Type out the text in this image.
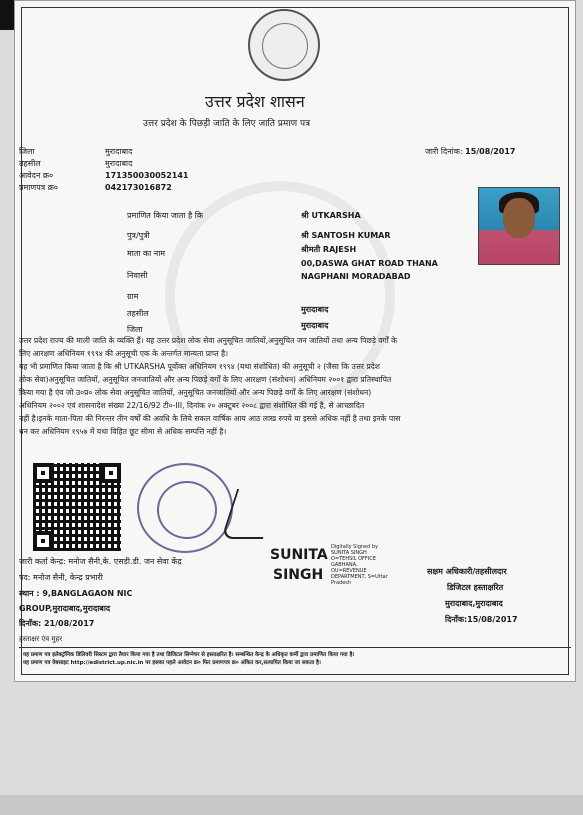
उत्तर प्रदेश शासन
उत्तर प्रदेश के पिछड़ी जाति के लिए जाति प्रमाण पत्र
जारी दिनांक: 15/08/2017
जिला	मुरादाबाद
तहसील	मुरादाबाद
आवेदन क्र०	171350030052141
प्रमाणपत्र क्र०	042173016872
प्रमाणित किया जाता है कि	श्री UTKARSHA
पुत्र/पुत्री	श्री SANTOSH KUMAR
माता का नाम	श्रीमती RAJESH
निवासी
00,DASWA GHAT ROAD THANA
NAGPHANI MORADABAD
ग्राम
तहसील	मुरादाबाद
जिला	मुरादाबाद
उत्तर प्रदेश राज्य की माली जाति के व्यक्ति हैं। यह उत्तर प्रदेश लोक सेवा अनुसूचित जातियों,अनुसूचित जन जातियों तथा अन्य पिछड़े वर्गों के
लिए आरक्षण अधिनियम १९९४ की अनुसूची एक के अन्तर्गत मान्यता प्राप्त है।
यह भी प्रमाणित किया जाता है कि श्री UTKARSHA पूर्वोक्त अधिनियम १९९४ (यथा संशोधित) की अनुसूची २ (जैसा कि उत्तर प्रदेश
लोक सेवा)अनुसूचित जातियों, अनुसूचित जनजातियों और अन्य पिछड़े वर्गों के लिए आरक्षण (संशोधन) अधिनियम २००१ द्वारा प्रतिस्थापित
किया गया है एंव जो उ०प्र० लोक सेवा अनुसूचित जातियों, अनुसूचित जनजातियों और अन्य पिछड़े वर्गों के लिए आरक्षण (संशोधन)
अधिनियम २००२ एवं शासनादेश संख्या 22/16/92 टी०-III, दिनांक २० अक्टूबर २००८ द्वारा संशोधित की गई है, से आच्छादित
नहीं है।इनके माता-पिता की निरन्तर तीन वर्षों की अवधि के लिये सकल वार्षिक आय आठ लाख रुपये या इससे अधिक नहीं है तथा इनके पास
धन कर अधिनियम १९५७ में यथा विहित छूट सीमा से अधिक सम्पत्ति नहीं है।
जारी कर्ता केन्द्र: मनोज सैनी,के. एसडी.डी. जन सेवा केंद्र
पद: मनोज सैनी, केन्द्र प्रभारी
स्थान : 9,BANGLAGAON NIC
GROUP,मुरादाबाद,मुरादाबाद
दिनाँक: 21/08/2017
हस्ताक्षर एंव मुहर
SUNITA
SINGH
Digitally Signed by
SUNITA SINGH
O=TEHSIL OFFICE
GABHANA,
OU=REVENUE
DEPARTMENT, S=Uttar
Pradesh
सक्षम अधिकारी/तहसीलदार
डिजिटल हस्ताक्षरित
मुरादाबाद,मुरादाबाद
दिनाँक:15/08/2017
यह प्रमाण पत्र इलेक्ट्रॉनिक डिलिवरी सिस्टम द्वारा तैयार किया गया है तथा डिजिटल सिग्नेचर से हस्ताक्षरित है। सम्बन्धित केन्द्र के अधिकृत कर्मी द्वारा प्रमाणित किया गया है।
यह प्रमाण पत्र वेबसाइट http://edistrict.up.nic.in पर इसका पहले आवेदन क्र० फिर प्रमाणपत्र क्र० अंकित कर,सत्यापित किया जा सकता है।
